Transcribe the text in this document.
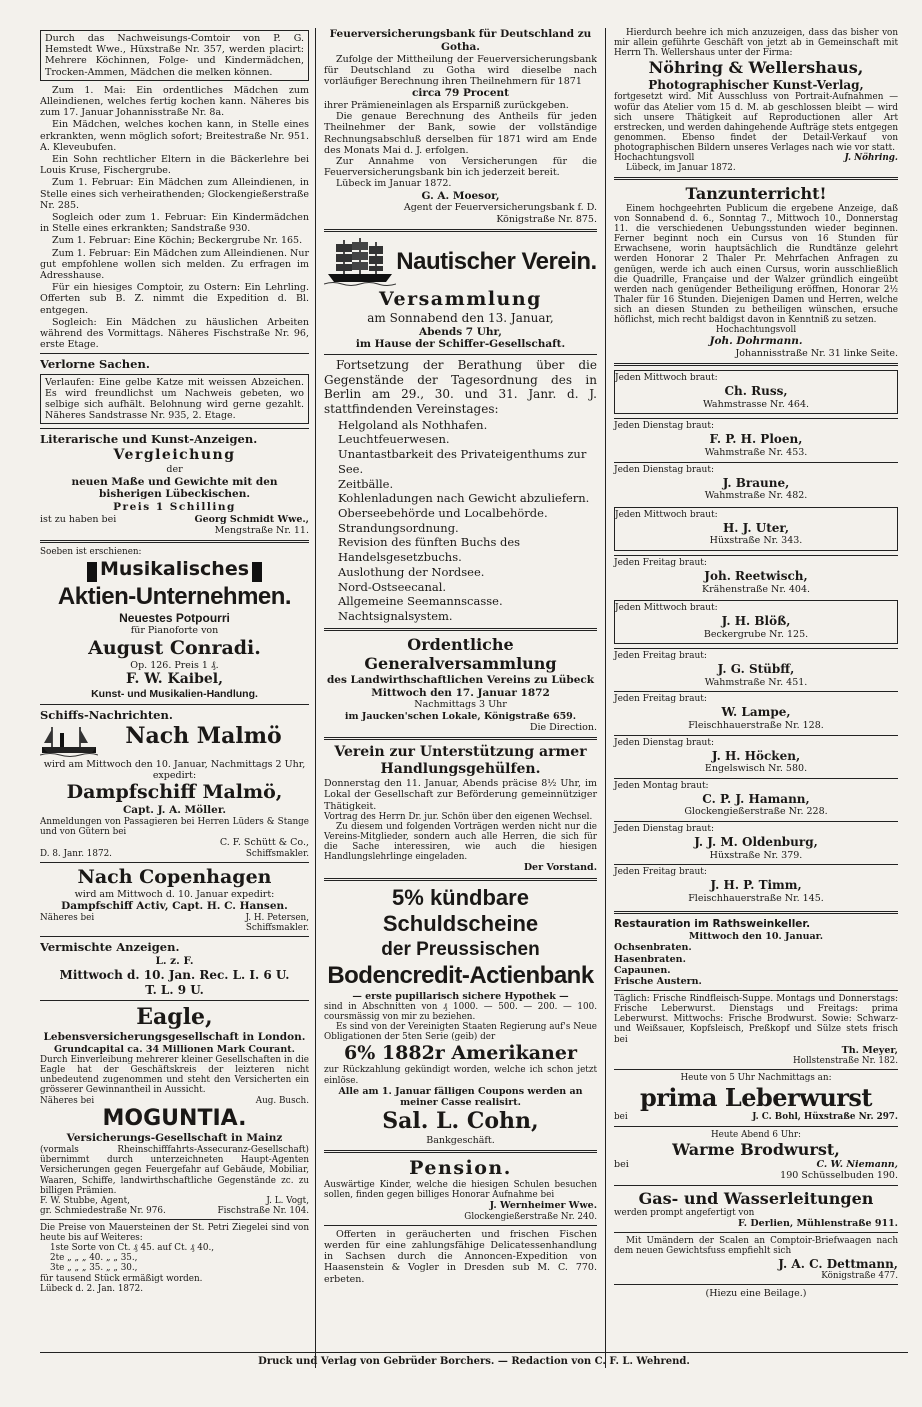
Durch das Nachweisungs-Comtoir von P. G. Hemstedt Wwe., Hüxstraße Nr. 357, werden placirt: Mehrere Köchinnen, Folge- und Kindermädchen, Trocken-Ammen, Mädchen die melken können.

Zum 1. Mai: Ein ordentliches Mädchen zum Alleindienen, welches fertig kochen kann. Näheres bis zum 17. Januar Johannisstraße Nr. 8a.

Ein Mädchen, welches kochen kann, in Stelle eines erkrankten, wenn möglich sofort; Breitestraße Nr. 951. A. Kleveubufen.

Ein Sohn rechtlicher Eltern in die Bäckerlehre bei Louis Kruse, Fischergrube.

Zum 1. Februar: Ein Mädchen zum Alleindienen, in Stelle eines sich verheirathenden; Glockengießerstraße Nr. 285.

Sogleich oder zum 1. Februar: Ein Kindermädchen in Stelle eines erkrankten; Sandstraße 930.

Zum 1. Februar: Eine Köchin; Beckergrube Nr. 165.

Zum 1. Februar: Ein Mädchen zum Alleindienen. Nur gut empfohlene wollen sich melden. Zu erfragen im Adresshause.

Für ein hiesiges Comptoir, zu Ostern: Ein Lehrling. Offerten sub B. Z. nimmt die Expedition d. Bl. entgegen.

Sogleich: Ein Mädchen zu häuslichen Arbeiten während des Vormittags. Näheres Fischstraße Nr. 96, erste Etage.

Verlorne Sachen.
Verlaufen: Eine gelbe Katze mit weissen Abzeichen. Es wird freundlichst um Nachweis gebeten, wo selbige sich aufhält. Belohnung wird gerne gezahlt. Näheres Sandstrasse Nr. 935, 2. Etage.
Literarische und Kunst-Anzeigen.
Vergleichung
der
neuen Maße und Gewichte mit den bisherigen Lübeckischen.
Preis 1 Schilling
ist zu haben bei	Georg Schmidt Wwe.,
Mengstraße Nr. 11.
Soeben ist erschienen:
Musikalisches
Aktien-Unternehmen.
Neuestes Potpourri
für Pianoforte von
August Conradi.
Op. 126. Preis 1 ₰.
F. W. Kaibel,
Kunst- und Musikalien-Handlung.
Schiffs-Nachrichten.
Nach Malmö
wird am Mittwoch den 10. Januar, Nachmittags 2 Uhr, expedirt:
Dampfschiff Malmö,
Capt. J. A. Möller.
Anmeldungen von Passagieren bei Herren Lüders & Stange und von Gütern bei
C. F. Schütt & Co.,
D. 8. Janr. 1872.	Schiffsmakler.
Nach Copenhagen
wird am Mittwoch d. 10. Januar expedirt:
Dampfschiff Activ, Capt. H. C. Hansen.
Näheres bei	J. H. Petersen,
Schiffsmakler.
Vermischte Anzeigen.
L. z. F.
Mittwoch d. 10. Jan. Rec. L. I. 6 U.
T. L. 9 U.
Eagle,
Lebensversicherungsgesellschaft in London.
Grundcapital ca. 34 Millionen Mark Courant.
Durch Einverleibung mehrerer kleiner Gesellschaften in die Eagle hat der Geschäftskreis der leizteren nicht unbedeutend zugenommen und steht den Versicherten ein grösserer Gewinnantheil in Aussicht.
Näheres bei	Aug. Busch.
MOGUNTIA.
Versicherungs-Gesellschaft in Mainz
(vormals Rheinschifffahrts-Assecuranz-Gesellschaft) übernimmt durch unterzeichneten Haupt-Agenten Versicherungen gegen Feuergefahr auf Gebäude, Mobiliar, Waaren, Schiffe, landwirthschaftliche Gegenstände zc. zu billigen Prämien.
F. W. Stubbe, Agent,	J. L. Vogt,
gr. Schmiedestraße Nr. 976.	Fischstraße Nr. 104.
Die Preise von Mauersteinen der St. Petri Ziegelei sind von heute bis auf Weiteres:
1ste Sorte von Ct. ₰ 45. auf Ct. ₰ 40.,
2te „ „ „ 40. „ „ 35.,
3te „ „ „ 35. „ „ 30.,
für tausend Stück ermäßigt worden.
Lübeck d. 2. Jan. 1872.
Feuerversicherungsbank für Deutschland zu Gotha.
Zufolge der Mittheilung der Feuerversicherungsbank für Deutschland zu Gotha wird dieselbe nach vorläufiger Berechnung ihren Theilnehmern für 1871
circa 79 Procent
ihrer Prämieneinlagen als Ersparniß zurückgeben.
Die genaue Berechnung des Antheils für jeden Theilnehmer der Bank, sowie der vollständige Rechnungsabschluß derselben für 1871 wird am Ende des Monats Mai d. J. erfolgen.
Zur Annahme von Versicherungen für die Feuerversicherungsbank bin ich jederzeit bereit.
Lübeck im Januar 1872.
G. A. Moesor,
Agent der Feuerversicherungsbank f. D.
Königstraße Nr. 875.
Nautischer Verein.
Versammlung
am Sonnabend den 13. Januar,
Abends 7 Uhr,
im Hause der Schiffer-Gesellschaft.
Fortsetzung der Berathung über die Gegenstände der Tagesordnung des in Berlin am 29., 30. und 31. Janr. d. J. stattfindenden Vereinstages:
Helgoland als Nothhafen.
Leuchtfeuerwesen.
Unantastbarkeit des Privateigenthums zur See.
Zeitbälle.
Kohlenladungen nach Gewicht abzuliefern.
Oberseebehörde und Localbehörde.
Strandungsordnung.
Revision des fünften Buchs des Handelsgesetzbuchs.
Auslothung der Nordsee.
Nord-Ostseecanal.
Allgemeine Seemannscasse.
Nachtsignalsystem.
Ordentliche Generalversammlung
des Landwirthschaftlichen Vereins zu Lübeck
Mittwoch den 17. Januar 1872
Nachmittags 3 Uhr
im Jaucken'schen Lokale, Königstraße 659.
Die Direction.
Verein zur Unterstützung armer Handlungsgehülfen.
Donnerstag den 11. Januar, Abends präcise 8½ Uhr, im Lokal der Gesellschaft zur Beförderung gemeinnütziger Thätigkeit.
Vortrag des Herrn Dr. jur. Schön über den eigenen Wechsel.
Zu diesem und folgenden Vorträgen werden nicht nur die Vereins-Mitglieder, sondern auch alle Herren, die sich für die Sache interessiren, wie auch die hiesigen Handlungslehrlinge eingeladen.
Der Vorstand.
5% kündbare Schuldscheine
der Preussischen
Bodencredit-Actienbank
— erste pupillarisch sichere Hypothek —
sind in Abschnitten von ₰ 1000. — 500. — 200. — 100. coursmässig von mir zu beziehen.
Es sind von der Vereinigten Staaten Regierung auf's Neue Obligationen der 5ten Serie (geib) der
6% 1882r Amerikaner
zur Rückzahlung gekündigt worden, welche ich schon jetzt einlöse.
Alle am 1. Januar fälligen Coupons werden an meiner Casse realisirt.
Sal. L. Cohn,
Bankgeschäft.
Pension.
Auswärtige Kinder, welche die hiesigen Schulen besuchen sollen, finden gegen billiges Honorar Aufnahme bei
J. Wernheimer Wwe.
Glockengießerstraße Nr. 240.
Offerten in geräucherten und frischen Fischen werden für eine zahlungsfähige Delicatessenhandlung in Sachsen durch die Annoncen-Expedition von Haasenstein & Vogler in Dresden sub M. C. 770. erbeten.
Hierdurch beehre ich mich anzuzeigen, dass das bisher von mir allein geführte Geschäft von jetzt ab in Gemeinschaft mit Herrn Th. Wellershaus unter der Firma:
Nöhring & Wellershaus,
Photographischer Kunst-Verlag,
fortgesetzt wird. Mit Ausschluss von Portrait-Aufnahmen — wofür das Atelier vom 15 d. M. ab geschlossen bleibt — wird sich unsere Thätigkeit auf Reproductionen aller Art erstrecken, und werden dahingehende Aufträge stets entgegen genommen. Ebenso findet der Detail-Verkauf von photographischen Bildern unseres Verlages nach wie vor statt.
Hochachtungsvoll	J. Nöhring.
Lübeck, im Januar 1872.
Tanzunterricht!
Einem hochgeehrten Publicum die ergebene Anzeige, daß von Sonnabend d. 6., Sonntag 7., Mittwoch 10., Donnerstag 11. die verschiedenen Uebungsstunden wieder beginnen. Ferner beginnt noch ein Cursus von 16 Stunden für Erwachsene, worin hauptsächlich die Rundtänze gelehrt werden Honorar 2 Thaler Pr. Mehrfachen Anfragen zu genügen, werde ich auch einen Cursus, worin ausschließlich die Quadrille, Française und der Walzer gründlich eingeübt werden nach genügender Betheiligung eröffnen, Honorar 2½ Thaler für 16 Stunden. Diejenigen Damen und Herren, welche sich an diesen Stunden zu betheiligen wünschen, ersuche höflichst, mich recht baldigst davon in Kenntniß zu setzen.
Hochachtungsvoll
Joh. Dohrmann.
Johannisstraße Nr. 31 linke Seite.
Jeden Mittwoch braut:
Ch. Russ,
Wahmstrasse Nr. 464.
Jeden Dienstag braut:
F. P. H. Ploen,
Wahmstraße Nr. 453.
Jeden Dienstag braut:
J. Braune,
Wahmstraße Nr. 482.
Jeden Mittwoch braut:
H. J. Uter,
Hüxstraße Nr. 343.
Jeden Freitag braut:
Joh. Reetwisch,
Krähenstraße Nr. 404.
Jeden Mittwoch braut:
J. H. Blöß,
Beckergrube Nr. 125.
Jeden Freitag braut:
J. G. Stübff,
Wahmstraße Nr. 451.
Jeden Freitag braut:
W. Lampe,
Fleischhauerstraße Nr. 128.
Jeden Dienstag braut:
J. H. Höcken,
Engelswisch Nr. 580.
Jeden Montag braut:
C. P. J. Hamann,
Glockengießerstraße Nr. 228.
Jeden Dienstag braut:
J. J. M. Oldenburg,
Hüxstraße Nr. 379.
Jeden Freitag braut:
J. H. P. Timm,
Fleischhauerstraße Nr. 145.
Restauration im Rathsweinkeller.
Mittwoch den 10. Januar.
Ochsenbraten.
Hasenbraten.
Capaunen.
Frische Austern.
Täglich: Frische Rindfleisch-Suppe. Montags und Donnerstags: Frische Leberwurst. Dienstags und Freitags: prima Leberwurst. Mittwochs: Frische Brodwurst. Sowie: Schwarz- und Weißsauer, Kopfsleisch, Preßkopf und Sülze stets frisch bei
Th. Meyer,
Hollstenstraße Nr. 182.
Heute von 5 Uhr Nachmittags an:
prima Leberwurst
bei	J. C. Bohl, Hüxstraße Nr. 297.
Heute Abend 6 Uhr:
Warme Brodwurst,
bei	C. W. Niemann,
190 Schüsselbuden 190.
Gas- und Wasserleitungen
werden prompt angefertigt von
F. Derlien, Mühlenstraße 911.
Mit Umändern der Scalen an Comptoir-Briefwaagen nach dem neuen Gewichtsfuss empfiehlt sich
J. A. C. Dettmann,
Königstraße 477.
(Hiezu eine Beilage.)
Druck und Verlag von Gebrüder Borchers. — Redaction von C. F. L. Wehrend.
